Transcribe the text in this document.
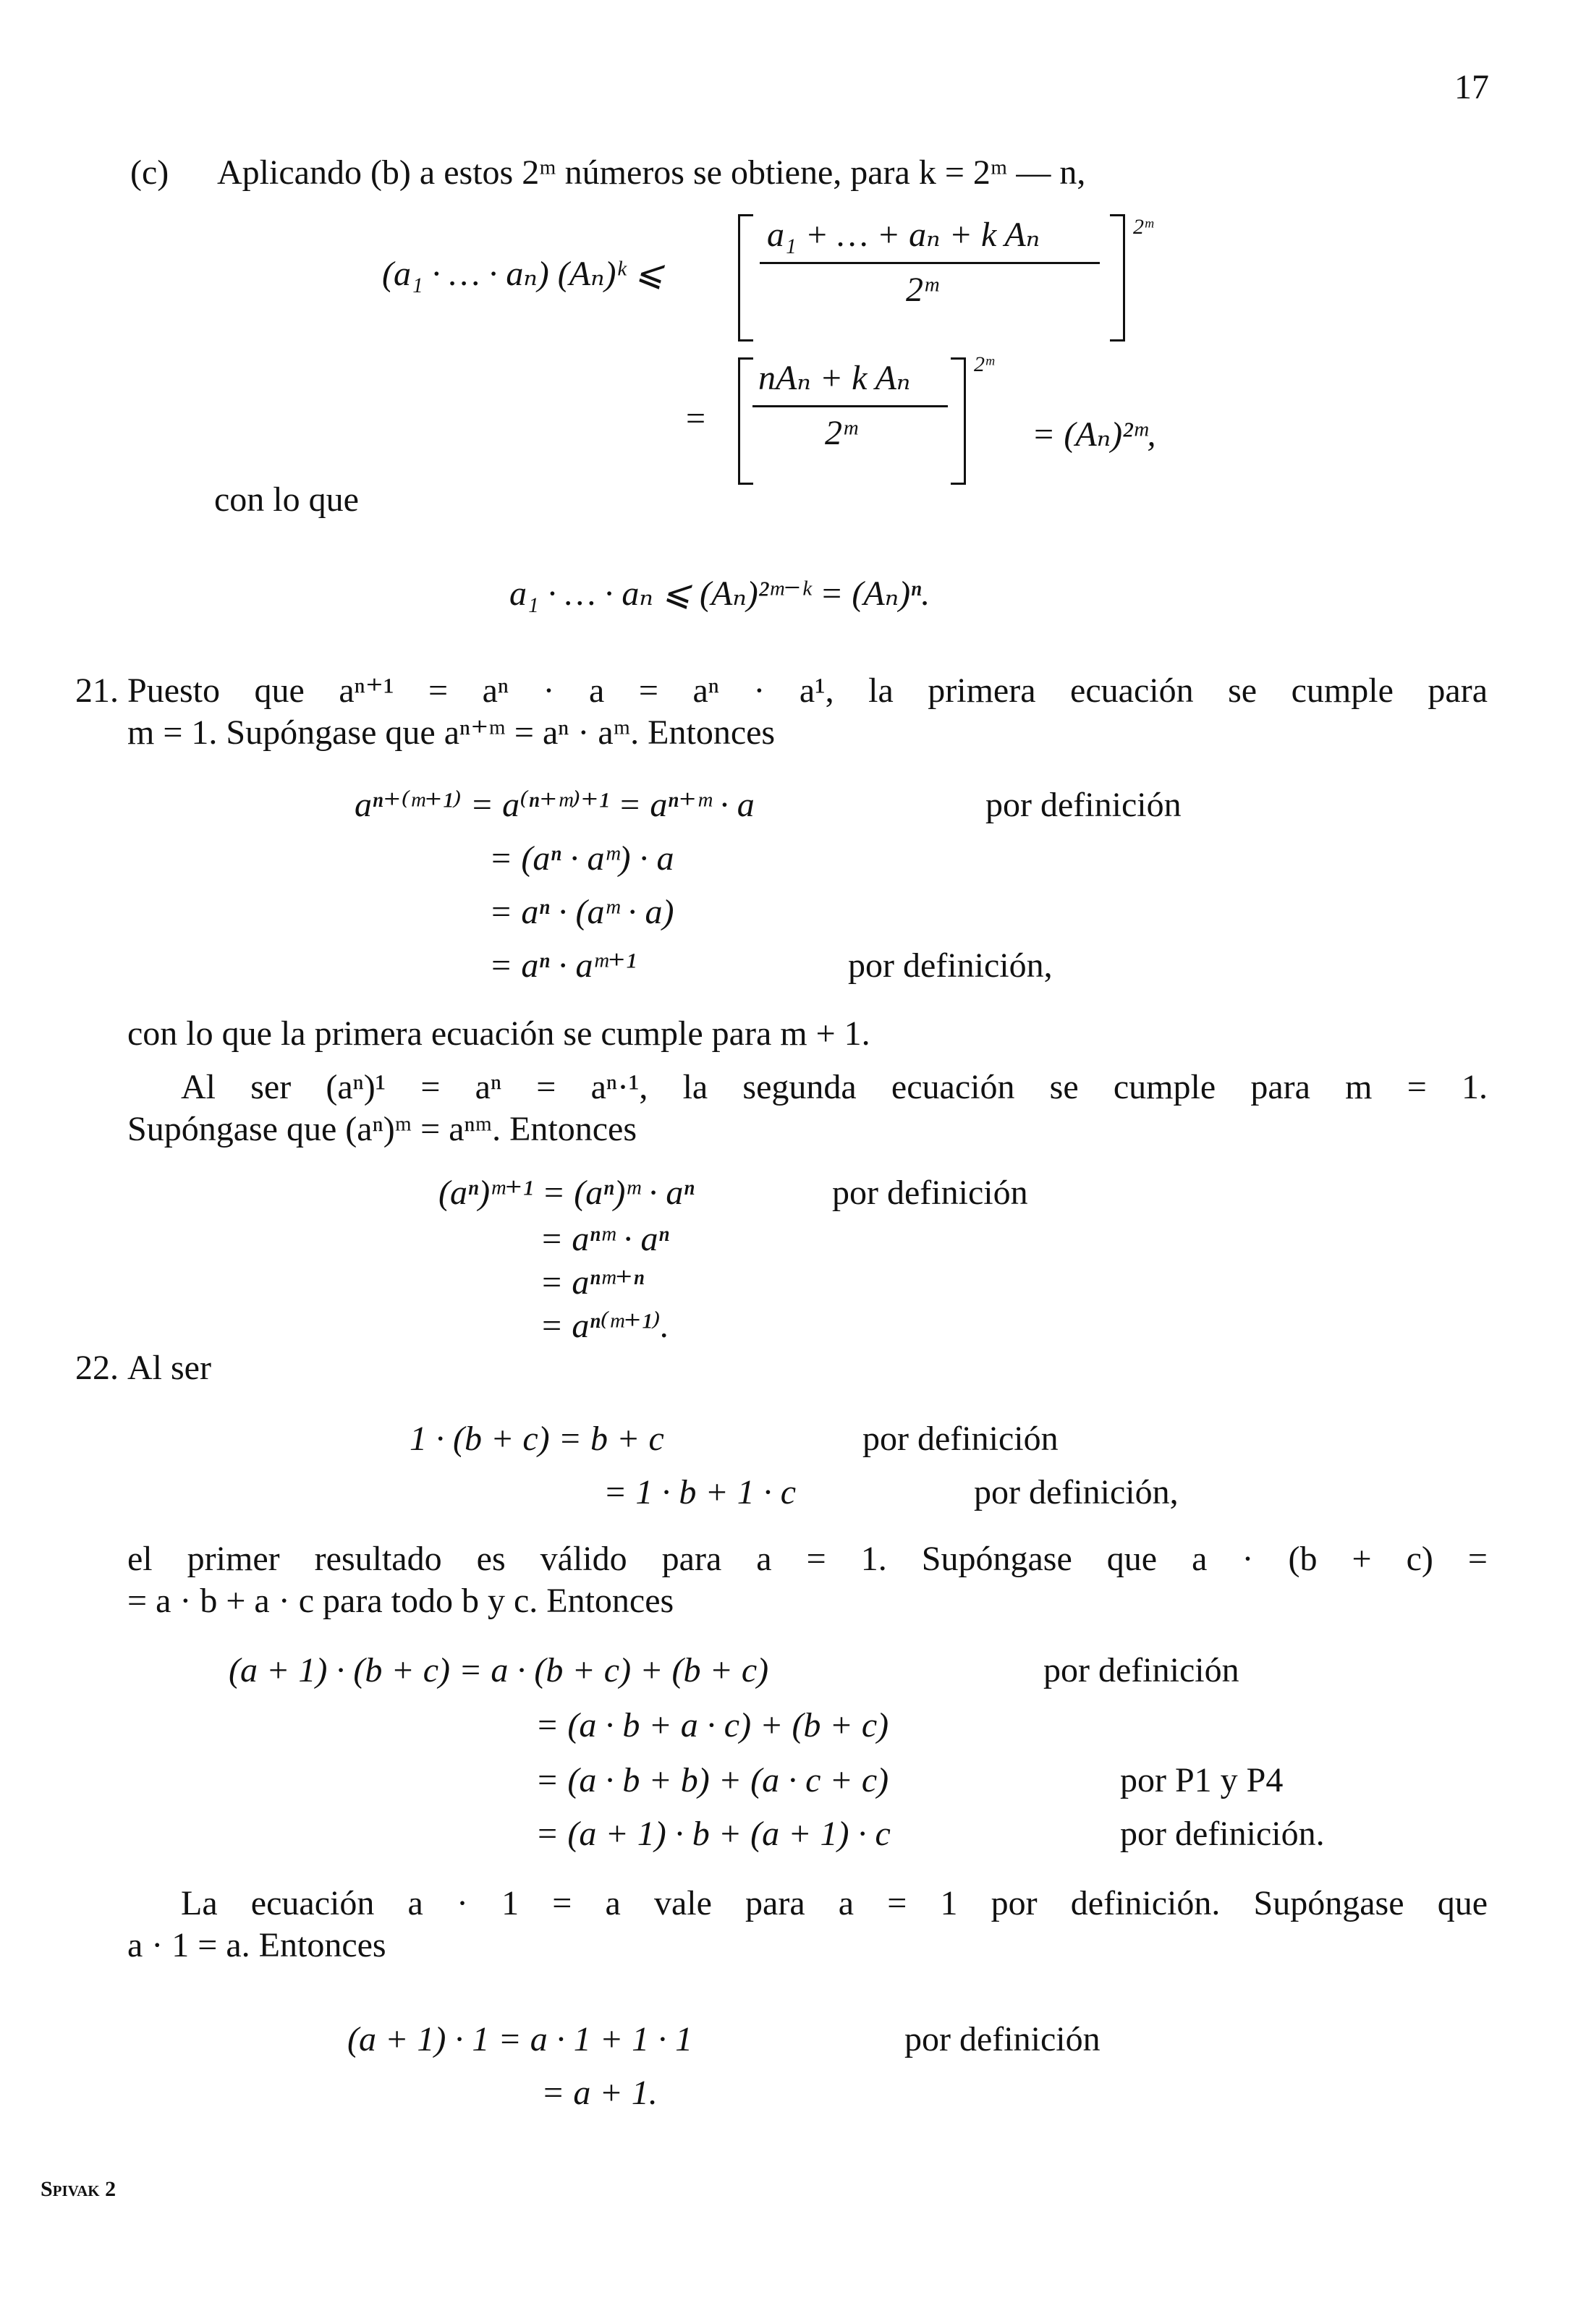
17
(c) Aplicando (b) a estos 2ᵐ números se obtiene, para k = 2ᵐ — n,
(a₁ · … · aₙ) (Aₙ)ᵏ ⩽
a₁ + … + aₙ + k Aₙ
2ᵐ
2ᵐ
=
nAₙ + k Aₙ
2ᵐ
2ᵐ
= (Aₙ)²ᵐ,
con lo que
a₁ · … · aₙ ⩽ (Aₙ)²ᵐ⁻ᵏ = (Aₙ)ⁿ.
21. Puesto que aⁿ⁺¹ = aⁿ · a = aⁿ · a¹, la primera ecuación se cumple para
m = 1. Supóngase que aⁿ⁺ᵐ = aⁿ · aᵐ. Entonces
aⁿ⁺⁽ᵐ⁺¹⁾ = a⁽ⁿ⁺ᵐ⁾⁺¹ = aⁿ⁺ᵐ · a	por definición
= (aⁿ · aᵐ) · a
= aⁿ · (aᵐ · a)
= aⁿ · aᵐ⁺¹	por definición,
con lo que la primera ecuación se cumple para m + 1.
Al ser (aⁿ)¹ = aⁿ = aⁿ·¹, la segunda ecuación se cumple para m = 1.
Supóngase que (aⁿ)ᵐ = aⁿᵐ. Entonces
(aⁿ)ᵐ⁺¹ = (aⁿ)ᵐ · aⁿ	por definición
= aⁿᵐ · aⁿ
= aⁿᵐ⁺ⁿ
= aⁿ⁽ᵐ⁺¹⁾.
22. Al ser
1 · (b + c) = b + c	por definición
= 1 · b + 1 · c	por definición,
el primer resultado es válido para a = 1. Supóngase que a · (b + c) =
= a · b + a · c para todo b y c. Entonces
(a + 1) · (b + c) = a · (b + c) + (b + c)	por definición
= (a · b + a · c) + (b + c)
= (a · b + b) + (a · c + c)	por P1 y P4
= (a + 1) · b + (a + 1) · c	por definición.
La ecuación a · 1 = a vale para a = 1 por definición. Supóngase que
a · 1 = a. Entonces
(a + 1) · 1 = a · 1 + 1 · 1	por definición
= a + 1.
Spivak 2
